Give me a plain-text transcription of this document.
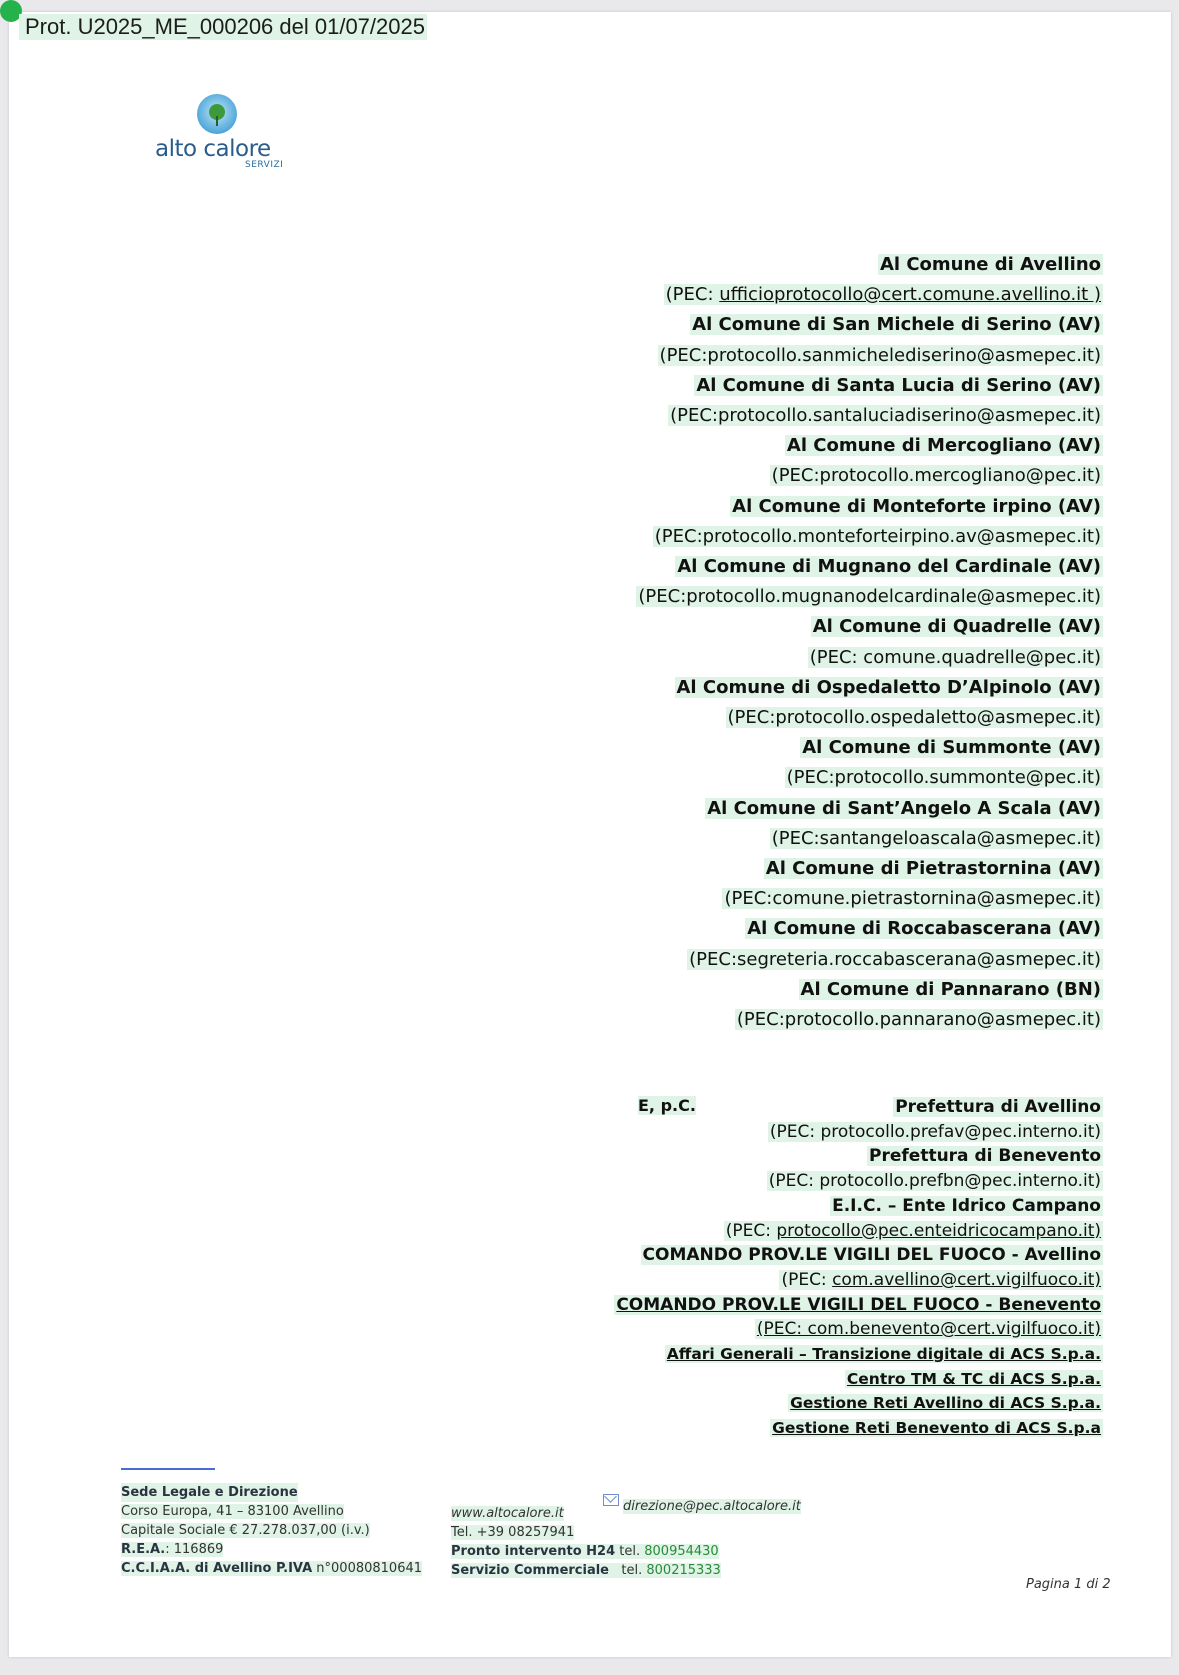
Prot. U2025_ME_000206 del 01/07/2025
alto calore
SERVIZI
Al Comune di Avellino
(PEC: ufficioprotocollo@cert.comune.avellino.it )
Al Comune di San Michele di Serino (AV)
(PEC:protocollo.sanmichelediserino@asmepec.it)
Al Comune di Santa Lucia di Serino (AV)
(PEC:protocollo.santaluciadiserino@asmepec.it)
Al Comune di Mercogliano (AV)
(PEC:protocollo.mercogliano@pec.it)
Al Comune di Monteforte irpino (AV)
(PEC:protocollo.monteforteirpino.av@asmepec.it)
Al Comune di Mugnano del Cardinale (AV)
(PEC:protocollo.mugnanodelcardinale@asmepec.it)
Al Comune di Quadrelle (AV)
(PEC: comune.quadrelle@pec.it)
Al Comune di Ospedaletto D’Alpinolo (AV)
(PEC:protocollo.ospedaletto@asmepec.it)
Al Comune di Summonte (AV)
(PEC:protocollo.summonte@pec.it)
Al Comune di Sant’Angelo A Scala (AV)
(PEC:santangeloascala@asmepec.it)
Al Comune di Pietrastornina (AV)
(PEC:comune.pietrastornina@asmepec.it)
Al Comune di Roccabascerana (AV)
(PEC:segreteria.roccabascerana@asmepec.it)
Al Comune di Pannarano (BN)
(PEC:protocollo.pannarano@asmepec.it)
E, p.C.	Prefettura di Avellino
(PEC: protocollo.prefav@pec.interno.it)
Prefettura di Benevento
(PEC: protocollo.prefbn@pec.interno.it)
E.I.C. – Ente Idrico Campano
(PEC: protocollo@pec.enteidricocampano.it)
COMANDO PROV.LE VIGILI DEL FUOCO - Avellino
(PEC: com.avellino@cert.vigilfuoco.it)
COMANDO PROV.LE VIGILI DEL FUOCO - Benevento
(PEC: com.benevento@cert.vigilfuoco.it)
Affari Generali – Transizione digitale di ACS S.p.a.
Centro TM & TC di ACS S.p.a.
Gestione Reti Avellino di ACS S.p.a.
Gestione Reti Benevento di ACS S.p.a
Sede Legale e Direzione
Corso Europa, 41 – 83100 Avellino
Capitale Sociale € 27.278.037,00 (i.v.)
R.E.A.: 116869
C.C.I.A.A. di Avellino P.IVA n°00080810641
www.altocalore.it
Tel. +39 08257941
Pronto intervento H24 tel. 800954430
Servizio Commerciale   tel. 800215333
direzione@pec.altocalore.it
Pagina 1 di 2
